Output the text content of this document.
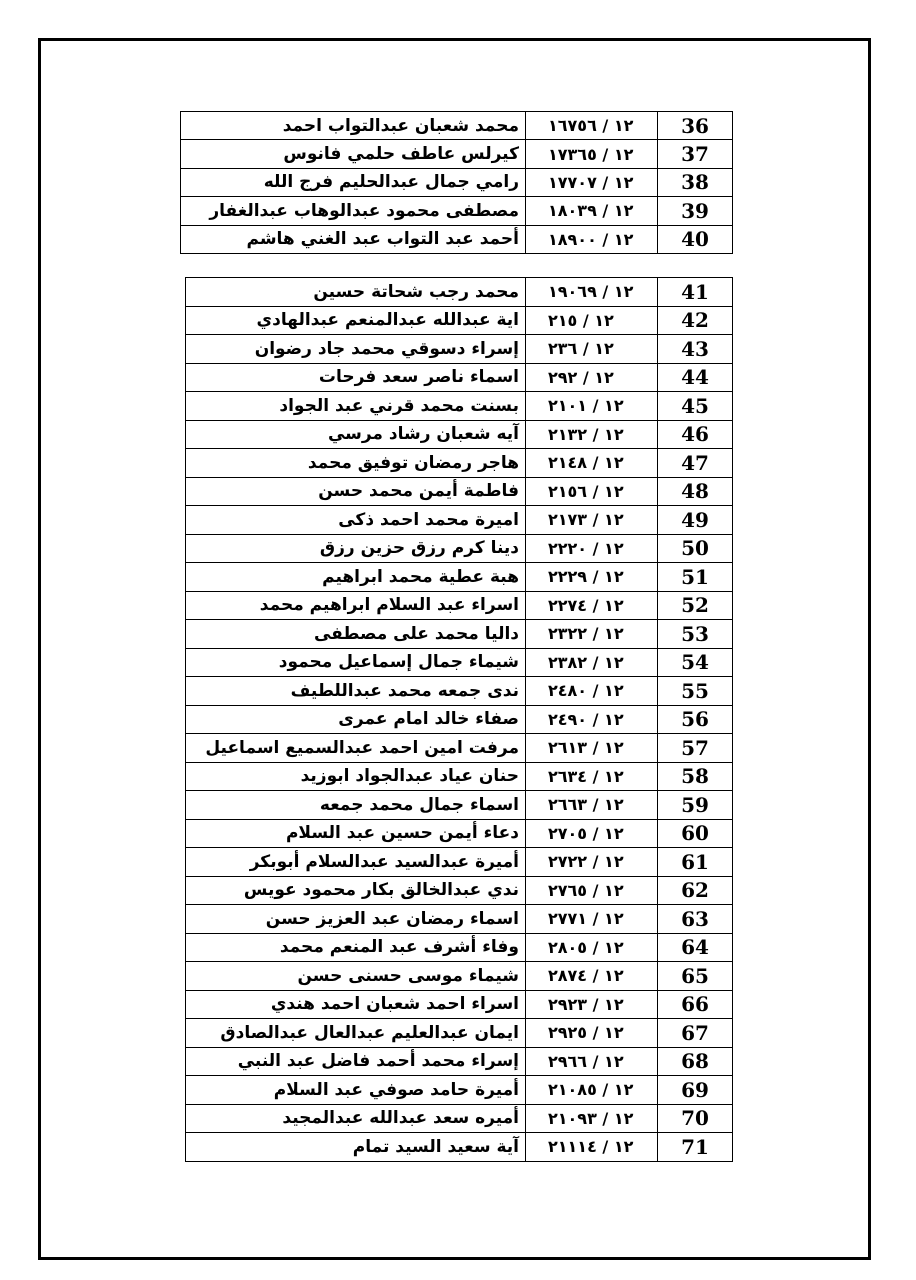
محمد شعبان عبدالتواب احمد	١٢ / ١٦٧٥٦	36
كيرلس عاطف حلمي فانوس	١٢ / ١٧٣٦٥	37
رامي جمال عبدالحليم فرج الله	١٢ / ١٧٧٠٧	38
مصطفى محمود عبدالوهاب عبدالغفار	١٢ / ١٨٠٣٩	39
أحمد عبد التواب عبد الغني هاشم	١٢ / ١٨٩٠٠	40
محمد رجب شحاتة حسين	١٢ / ١٩٠٦٩	41
اية عبدالله عبدالمنعم عبدالهادي	١٢ / ٢١٥	42
إسراء دسوقي محمد جاد رضوان	١٢ / ٢٣٦	43
اسماء ناصر سعد فرحات	١٢ / ٢٩٢	44
بسنت محمد قرني عبد الجواد	١٢ / ٢١٠١	45
آيه شعبان رشاد مرسي	١٢ / ٢١٣٢	46
هاجر رمضان توفيق محمد	١٢ / ٢١٤٨	47
فاطمة أيمن محمد حسن	١٢ / ٢١٥٦	48
اميرة محمد احمد ذكى	١٢ / ٢١٧٣	49
دينا كرم رزق حزين رزق	١٢ / ٢٢٢٠	50
هبة عطية محمد ابراهيم	١٢ / ٢٢٢٩	51
اسراء عبد السلام ابراهيم محمد	١٢ / ٢٢٧٤	52
داليا محمد على مصطفى	١٢ / ٢٣٢٢	53
شيماء جمال إسماعيل محمود	١٢ / ٢٣٨٢	54
ندى جمعه محمد عبداللطيف	١٢ / ٢٤٨٠	55
صفاء خالد امام عمرى	١٢ / ٢٤٩٠	56
مرفت امين احمد عبدالسميع اسماعيل	١٢ / ٢٦١٣	57
حنان عياد عبدالجواد ابوزيد	١٢ / ٢٦٣٤	58
اسماء جمال محمد جمعه	١٢ / ٢٦٦٣	59
دعاء أيمن حسين عبد السلام	١٢ / ٢٧٠٥	60
أميرة عبدالسيد عبدالسلام أبوبكر	١٢ / ٢٧٢٢	61
ندي عبدالخالق بكار محمود عويس	١٢ / ٢٧٦٥	62
اسماء رمضان عبد العزيز حسن	١٢ / ٢٧٧١	63
وفاء أشرف عبد المنعم محمد	١٢ / ٢٨٠٥	64
شيماء موسى حسنى حسن	١٢ / ٢٨٧٤	65
اسراء احمد شعبان احمد هندي	١٢ / ٢٩٢٣	66
ايمان عبدالعليم عبدالعال عبدالصادق	١٢ / ٢٩٢٥	67
إسراء محمد أحمد فاضل عبد النبي	١٢ / ٢٩٦٦	68
أميرة حامد صوفي عبد السلام	١٢ / ٢١٠٨٥	69
أميره سعد عبدالله عبدالمجيد	١٢ / ٢١٠٩٣	70
آية سعيد السيد تمام	١٢ / ٢١١١٤	71
